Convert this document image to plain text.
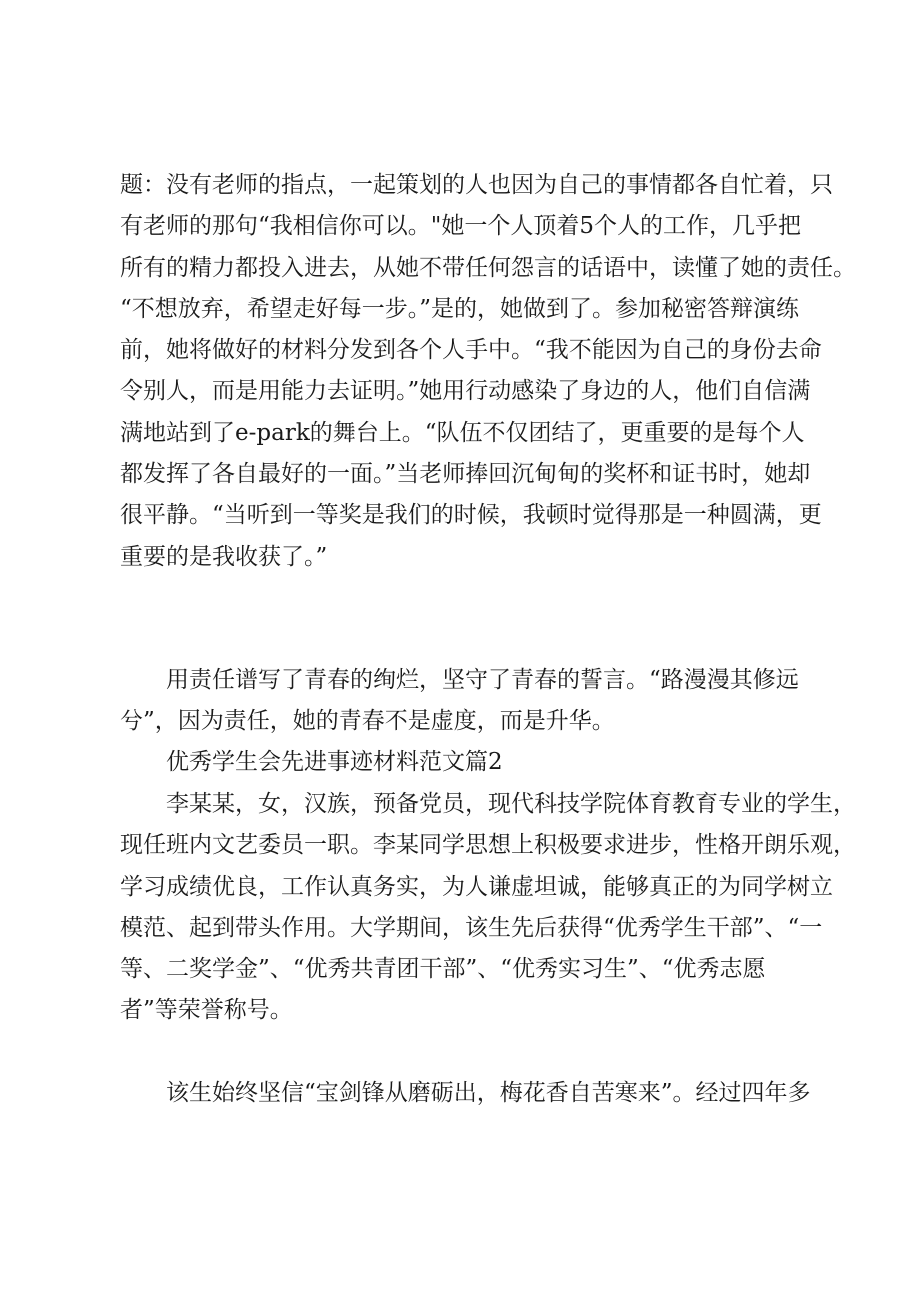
题：没有老师的指点，一起策划的人也因为自己的事情都各自忙着，只
有老师的那句“我相信你可以。"她一个人顶着5个人的工作，几乎把
所有的精力都投入进去，从她不带任何怨言的话语中，读懂了她的责任。
“不想放弃，希望走好每一步。”是的，她做到了。参加秘密答辩演练
前，她将做好的材料分发到各个人手中。“我不能因为自己的身份去命
令别人，而是用能力去证明。”她用行动感染了身边的人，他们自信满
满地站到了e-park的舞台上。“队伍不仅团结了，更重要的是每个人
都发挥了各自最好的一面。”当老师捧回沉甸甸的奖杯和证书时，她却
很平静。“当听到一等奖是我们的时候，我顿时觉得那是一种圆满，更
重要的是我收获了。”

用责任谱写了青春的绚烂，坚守了青春的誓言。“路漫漫其修远
兮”，因为责任，她的青春不是虚度，而是升华。

优秀学生会先进事迹材料范文篇2

李某某，女，汉族，预备党员，现代科技学院体育教育专业的学生，
现任班内文艺委员一职。李某同学思想上积极要求进步，性格开朗乐观，
学习成绩优良，工作认真务实，为人谦虚坦诚，能够真正的为同学树立
模范、起到带头作用。大学期间，该生先后获得“优秀学生干部”、“一
等、二奖学金”、“优秀共青团干部”、“优秀实习生”、“优秀志愿
者”等荣誉称号。

该生始终坚信“宝剑锋从磨砺出，梅花香自苦寒来”。经过四年多
